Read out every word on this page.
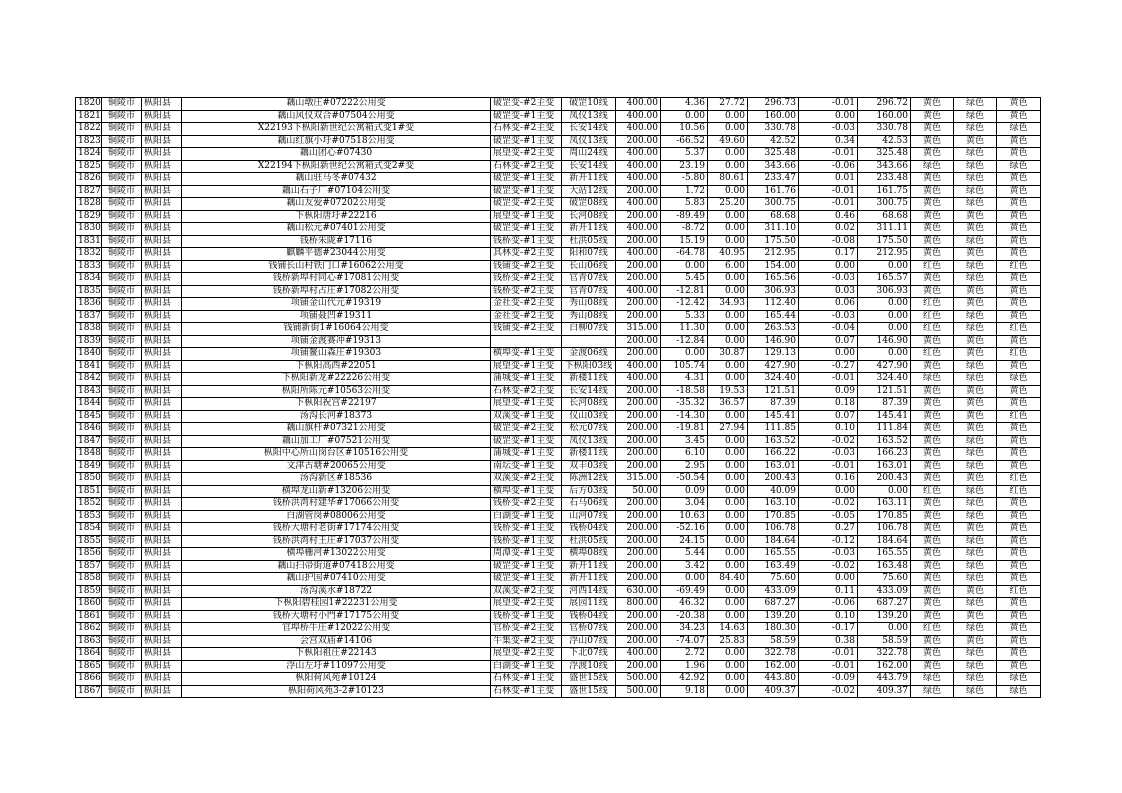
1820	铜陵市	枞阳县	藕山墩庄#07222公用变	破罡变-#2主变	破罡10线	400.00	4.36	27.72	296.73	-0.01	296.72	黄色	绿色	黄色
1821	铜陵市	枞阳县	藕山风仪双合#07504公用变	破罡变-#1主变	凤仪13线	400.00	0.00	0.00	160.00	0.00	160.00	黄色	绿色	黄色
1822	铜陵市	枞阳县	X22193下枞阳新世纪公寓箱式变1#变	石林变-#2主变	长安14线	400.00	10.56	0.00	330.78	-0.03	330.78	黄色	绿色	绿色
1823	铜陵市	枞阳县	藕山红旗小圩#07518公用变	破罡变-#1主变	凤仪13线	200.00	-66.52	49.60	42.52	0.34	42.53	黄色	黄色	黄色
1824	铜陵市	枞阳县	藕山团心#07430	展望变-#2主变	周山24线	400.00	5.37	0.00	325.48	-0.01	325.48	黄色	绿色	黄色
1825	铜陵市	枞阳县	X22194下枞阳新世纪公寓箱式变2#变	石林变-#2主变	长安14线	400.00	23.19	0.00	343.66	-0.06	343.66	绿色	绿色	绿色
1826	铜陵市	枞阳县	藕山驻马冬#07432	破罡变-#1主变	新开11线	400.00	-5.80	80.61	233.47	0.01	233.48	黄色	绿色	黄色
1827	铜陵市	枞阳县	藕山石子厂#07104公用变	破罡变-#1主变	大站12线	200.00	1.72	0.00	161.76	-0.01	161.75	黄色	绿色	黄色
1828	铜陵市	枞阳县	藕山友爱#07202公用变	破罡变-#2主变	破罡08线	400.00	5.83	25.20	300.75	-0.01	300.75	黄色	绿色	黄色
1829	铜陵市	枞阳县	下枞阳唐圩#22216	展望变-#1主变	长河08线	200.00	-89.49	0.00	68.68	0.46	68.68	黄色	黄色	黄色
1830	铜陵市	枞阳县	藕山松元#07401公用变	破罡变-#1主变	新开11线	400.00	-8.72	0.00	311.10	0.02	311.11	黄色	黄色	黄色
1831	铜陵市	枞阳县	钱桥朱陇#17116	钱桥变-#1主变	杜洪05线	200.00	15.19	0.00	175.50	-0.08	175.50	黄色	绿色	黄色
1832	铜陵市	枞阳县	麒麟平德#23044公用变	其林变-#2主变	阳和07线	400.00	-64.78	40.95	212.95	0.17	212.95	黄色	黄色	黄色
1833	铜陵市	枞阳县	钱铺长山村铁门口#16062公用变	钱铺变-#2主变	长山06线	200.00	0.00	6.00	154.00	0.00	0.00	红色	绿色	红色
1834	铜陵市	枞阳县	钱桥新埠村同心#17081公用变	钱桥变-#2主变	官青07线	200.00	5.45	0.00	165.56	-0.03	165.57	黄色	绿色	黄色
1835	铜陵市	枞阳县	钱桥新埠村占庄#17082公用变	钱桥变-#2主变	官青07线	400.00	-12.81	0.00	306.93	0.03	306.93	黄色	黄色	黄色
1836	铜陵市	枞阳县	项铺金山代元#19319	金社变-#2主变	秀山08线	200.00	-12.42	34.93	112.40	0.06	0.00	红色	黄色	黄色
1837	铜陵市	枞阳县	项铺聂凹#19311	金社变-#2主变	秀山08线	200.00	5.33	0.00	165.44	-0.03	0.00	红色	绿色	黄色
1838	铜陵市	枞阳县	钱铺新街1#16064公用变	钱铺变-#2主变	白柳07线	315.00	11.30	0.00	263.53	-0.04	0.00	红色	绿色	红色
1839	铜陵市	枞阳县	项铺金渡赛冲#19313			200.00	-12.84	0.00	146.90	0.07	146.90	黄色	黄色	黄色
1840	铜陵市	枞阳县	项铺鳌山森庄#19303	横埠变-#1主变	金渡06线	200.00	0.00	30.87	129.13	0.00	0.00	红色	黄色	红色
1841	铜陵市	枞阳县	下枞阳高西#22051	展望变-#1主变	下枞阳03线	400.00	105.74	0.00	427.90	-0.27	427.90	黄色	绿色	黄色
1842	铜陵市	枞阳县	下枞阳新龙#22226公用变	蒲城变-#1主变	新楼11线	400.00	4.31	0.00	324.40	-0.01	324.40	绿色	绿色	绿色
1843	铜陵市	枞阳县	枞阳所陈元#10563公用变	石林变-#2主变	长安14线	200.00	-18.58	19.53	121.51	0.09	121.51	黄色	黄色	黄色
1844	铜陵市	枞阳县	下枞阳祝宫#22197	展望变-#1主变	长河08线	200.00	-35.32	36.57	87.39	0.18	87.39	黄色	黄色	黄色
1845	铜陵市	枞阳县	汤沟长河#18373	双溪变-#1主变	仪山03线	200.00	-14.30	0.00	145.41	0.07	145.41	黄色	黄色	红色
1846	铜陵市	枞阳县	藕山旗杆#07321公用变	破罡变-#2主变	松元07线	200.00	-19.81	27.94	111.85	0.10	111.84	黄色	黄色	黄色
1847	铜陵市	枞阳县	藕山加工厂#07521公用变	破罡变-#1主变	凤仪13线	200.00	3.45	0.00	163.52	-0.02	163.52	黄色	绿色	黄色
1848	铜陵市	枞阳县	枞阳中心所山岗台区#10516公用变	蒲城变-#1主变	新楼11线	200.00	6.10	0.00	166.22	-0.03	166.23	黄色	绿色	黄色
1849	铜陵市	枞阳县	文津古塘#20065公用变	南坛变-#1主变	双丰03线	200.00	2.95	0.00	163.01	-0.01	163.01	黄色	绿色	黄色
1850	铜陵市	枞阳县	汤沟新区#18536	双溪变-#2主变	陈洲12线	315.00	-50.54	0.00	200.43	0.16	200.43	黄色	黄色	红色
1851	铜陵市	枞阳县	横埠龙山新#13206公用变	横埠变-#1主变	后方03线	50.00	0.09	0.00	40.09	0.00	0.00	红色	绿色	红色
1852	铜陵市	枞阳县	钱桥洪湾村建华#17066公用变	钱桥变-#2主变	石马06线	200.00	3.04	0.00	163.10	-0.02	163.11	黄色	绿色	黄色
1853	铜陵市	枞阳县	白湖管岗#08006公用变	白湖变-#1主变	山河07线	200.00	10.63	0.00	170.85	-0.05	170.85	黄色	绿色	黄色
1854	铜陵市	枞阳县	钱桥大塘村老街#17174公用变	钱桥变-#1主变	钱桥04线	200.00	-52.16	0.00	106.78	0.27	106.78	黄色	黄色	黄色
1855	铜陵市	枞阳县	钱桥洪湾村王庄#17037公用变	钱桥变-#1主变	杜洪05线	200.00	24.15	0.00	184.64	-0.12	184.64	黄色	绿色	黄色
1856	铜陵市	枞阳县	横埠栅河#13022公用变	周潭变-#1主变	横埠08线	200.00	5.44	0.00	165.55	-0.03	165.55	黄色	绿色	黄色
1857	铜陵市	枞阳县	藕山扫帚街道#07418公用变	破罡变-#1主变	新开11线	200.00	3.42	0.00	163.49	-0.02	163.48	黄色	绿色	黄色
1858	铜陵市	枞阳县	藕山护国#07410公用变	破罡变-#1主变	新开11线	200.00	0.00	84.40	75.60	0.00	75.60	黄色	绿色	黄色
1859	铜陵市	枞阳县	汤沟溪水#18722	双溪变-#2主变	河西14线	630.00	-69.49	0.00	433.09	0.11	433.09	黄色	黄色	红色
1860	铜陵市	枞阳县	下枞阳碧桂园1#22231公用变	展望变-#2主变	展园11线	800.00	46.32	0.00	687.27	-0.06	687.27	黄色	绿色	黄色
1861	铜陵市	枞阳县	钱桥大塘村小門#17175公用变	钱桥变-#1主变	钱桥04线	200.00	-20.38	0.00	139.20	0.10	139.20	黄色	黄色	黄色
1862	铜陵市	枞阳县	官埠桥牛庄#12022公用变	官桥变-#2主变	官桥07线	200.00	34.23	14.63	180.30	-0.17	0.00	红色	绿色	黄色
1863	铜陵市	枞阳县	会宫双庙#14106	牛集变-#2主变	浮山07线	200.00	-74.07	25.83	58.59	0.38	58.59	黄色	黄色	黄色
1864	铜陵市	枞阳县	下枞阳祖庄#22143	展望变-#2主变	下北07线	400.00	2.72	0.00	322.78	-0.01	322.78	黄色	绿色	黄色
1865	铜陵市	枞阳县	浮山左圩#11097公用变	白湖变-#1主变	浮渡10线	200.00	1.96	0.00	162.00	-0.01	162.00	黄色	绿色	黄色
1866	铜陵市	枞阳县	枞阳荷风苑#10124	石林变-#1主变	盛世15线	500.00	42.92	0.00	443.80	-0.09	443.79	绿色	绿色	绿色
1867	铜陵市	枞阳县	枞阳荷风苑3-2#10123	石林变-#1主变	盛世15线	500.00	9.18	0.00	409.37	-0.02	409.37	绿色	绿色	绿色
